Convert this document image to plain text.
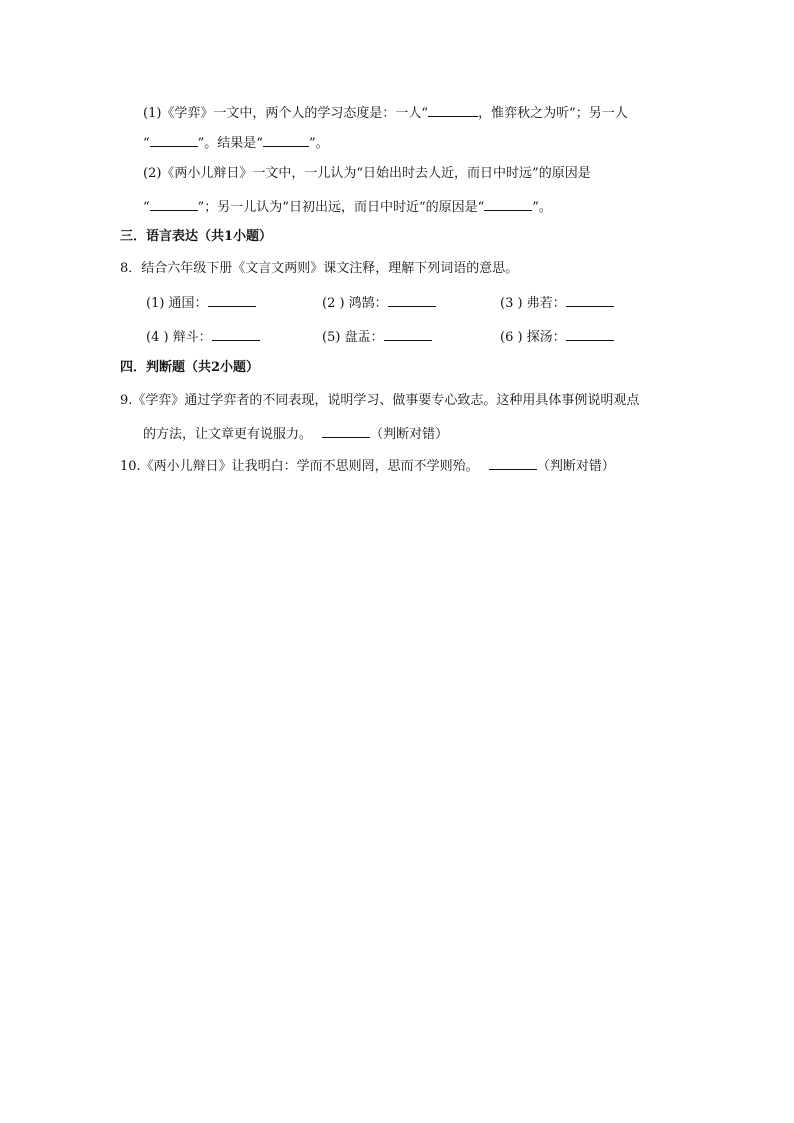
(1)《学弈》一文中，两个人的学习态度是：一人“	，惟弈秋之为听”；另一人
“	”。结果是“	”。
(2)《两小儿辩日》一文中，一儿认为“日始出时去人近，而日中时远”的原因是
“	”；另一儿认为“日初出远，而日中时近“的原因是“	”。
三．语言表达（共1小题）
8．结合六年级下册《文言文两则》课文注释，理解下列词语的意思。
(1) 通国：	(2 ) 鸿鹄：	(3 ) 弗若：
(4 ) 辩斗：	(5) 盘盂：	(6 ) 探汤：
四．判断题（共2小题）
9.《学弈》通过学弈者的不同表现，说明学习、做事要专心致志。这种用具体事例说明观点
的方法，让文章更有说服力。	（判断对错）
10.《两小儿辩日》让我明白：学而不思则罔，思而不学则殆。	（判断对错）
